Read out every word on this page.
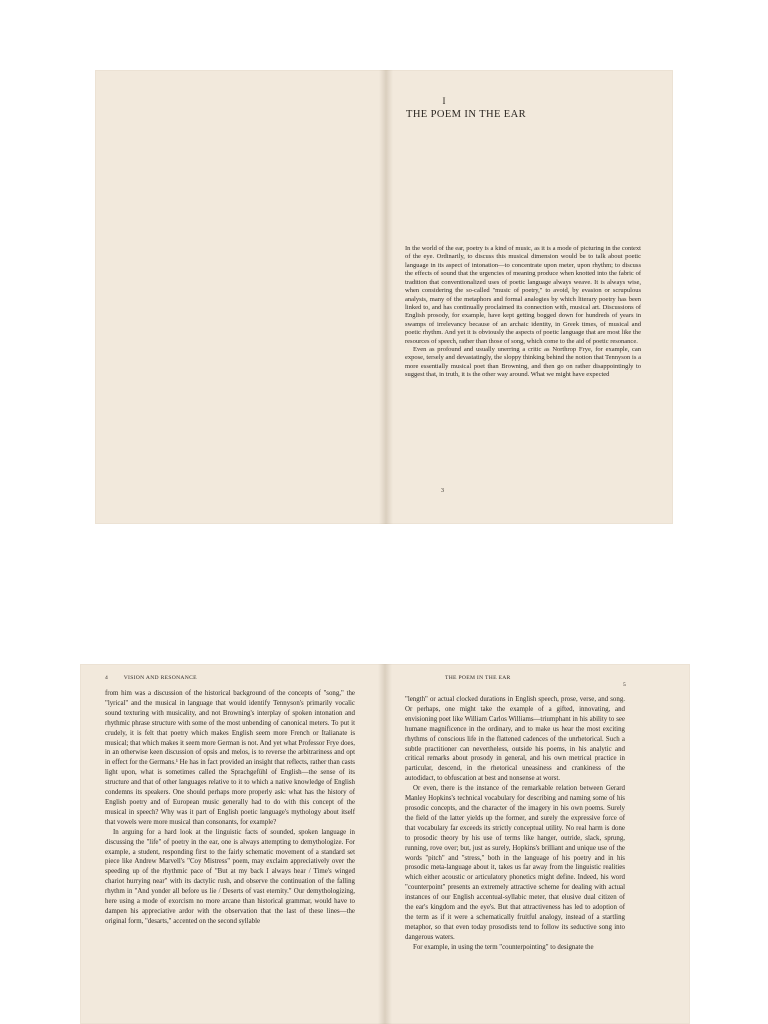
I
THE POEM IN THE EAR

In the world of the ear, poetry is a kind of music, as it is a mode of picturing in the context of the eye. Ordinarily, to discuss this musical dimension would be to talk about poetic language in its aspect of intonation—to concentrate upon meter, upon rhythm; to discuss the effects of sound that the urgencies of meaning produce when knotted into the fabric of tradition that conventionalized uses of poetic language always weave. It is always wise, when considering the so-called "music of poetry," to avoid, by evasion or scrupulous analysis, many of the metaphors and formal analogies by which literary poetry has been linked to, and has continually proclaimed its connection with, musical art. Discussions of English prosody, for example, have kept getting bogged down for hundreds of years in swamps of irrelevancy because of an archaic identity, in Greek times, of musical and poetic rhythm. And yet it is obviously the aspects of poetic language that are most like the resources of speech, rather than those of song, which come to the aid of poetic resonance.

Even as profound and usually unerring a critic as Northrop Frye, for example, can expose, tersely and devastatingly, the sloppy thinking behind the notion that Tennyson is a more essentially musical poet than Browning, and then go on rather disappointingly to suggest that, in truth, it is the other way around. What we might have expected

3
4	VISION AND RESONANCE	THE POEM IN THE EAR
5

from him was a discussion of the historical background of the concepts of "song," the "lyrical" and the musical in language that would identify Tennyson's primarily vocalic sound texturing with musicality, and not Browning's interplay of spoken intonation and rhythmic phrase structure with some of the most unbending of canonical meters. To put it crudely, it is felt that poetry which makes English seem more French or Italianate is musical; that which makes it seem more German is not. And yet what Professor Frye does, in an otherwise keen discussion of opsis and melos, is to reverse the arbitrariness and opt in effect for the Germans.¹ He has in fact provided an insight that reflects, rather than casts light upon, what is sometimes called the Sprachgefühl of English—the sense of its structure and that of other languages relative to it to which a native knowledge of English condemns its speakers. One should perhaps more properly ask: what has the history of English poetry and of European music generally had to do with this concept of the musical in speech? Why was it part of English poetic language's mythology about itself that vowels were more musical than consonants, for example?

In arguing for a hard look at the linguistic facts of sounded, spoken language in discussing the "life" of poetry in the ear, one is always attempting to demythologize. For example, a student, responding first to the fairly schematic movement of a standard set piece like Andrew Marvell's "Coy Mistress" poem, may exclaim appreciatively over the speeding up of the rhythmic pace of "But at my back I always hear / Time's winged chariot hurrying near" with its dactylic rush, and observe the continuation of the falling rhythm in "And yonder all before us lie / Deserts of vast eternity." Our demythologizing, here using a mode of exorcism no more arcane than historical grammar, would have to dampen his appreciative ardor with the observation that the last of these lines—the original form, "desarts," accented on the second syllable

"length" or actual clocked durations in English speech, prose, verse, and song. Or perhaps, one might take the example of a gifted, innovating, and envisioning poet like William Carlos Williams—triumphant in his ability to see humane magnificence in the ordinary, and to make us hear the most exciting rhythms of conscious life in the flattened cadences of the unrhetorical. Such a subtle practitioner can nevertheless, outside his poems, in his analytic and critical remarks about prosody in general, and his own metrical practice in particular, descend, in the rhetorical uneasiness and crankiness of the autodidact, to obfuscation at best and nonsense at worst.

Or even, there is the instance of the remarkable relation between Gerard Manley Hopkins's technical vocabulary for describing and naming some of his prosodic concepts, and the character of the imagery in his own poems. Surely the field of the latter yields up the former, and surely the expressive force of that vocabulary far exceeds its strictly conceptual utility. No real harm is done to prosodic theory by his use of terms like hanger, outride, slack, sprung, running, rove over; but, just as surely, Hopkins's brilliant and unique use of the words "pitch" and "stress," both in the language of his poetry and in his prosodic meta-language about it, takes us far away from the linguistic realities which either acoustic or articulatory phonetics might define. Indeed, his word "counterpoint" presents an extremely attractive scheme for dealing with actual instances of our English accentual-syllabic meter, that elusive dual citizen of the ear's kingdom and the eye's. But that attractiveness has led to adoption of the term as if it were a schematically fruitful analogy, instead of a startling metaphor, so that even today prosodists tend to follow its seductive song into dangerous waters.

For example, in using the term "counterpointing" to designate the
